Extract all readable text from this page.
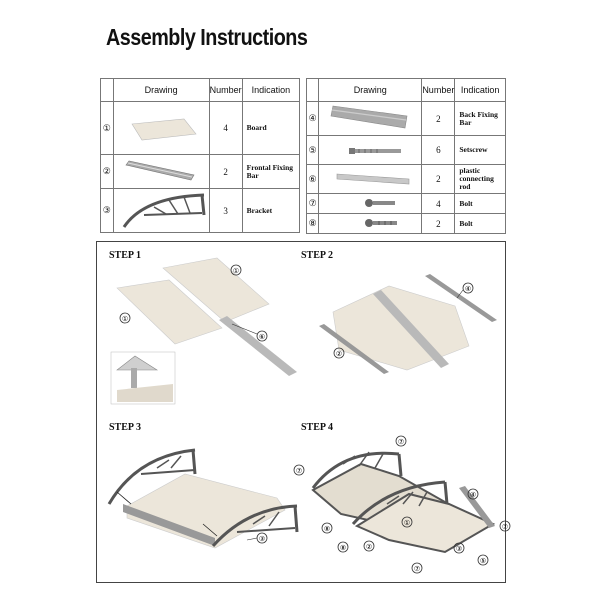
Assembly Instructions
	Drawing	Number	Indication
①		4	Board
②		2	Frontal Fixing Bar
③		3	Bracket
	Drawing	Number	Indication
④		2	Back Fixing Bar
⑤		6	Setscrew
⑥		2	plastic connecting rod
⑦		4	Bolt
⑧		2	Bolt
STEP 1	STEP 2
STEP 3	STEP 4
①
①
⑥
④
②
③
⑦
⑦
④
①
⑧
⑧	②	③
⑦
⑤
⑦
